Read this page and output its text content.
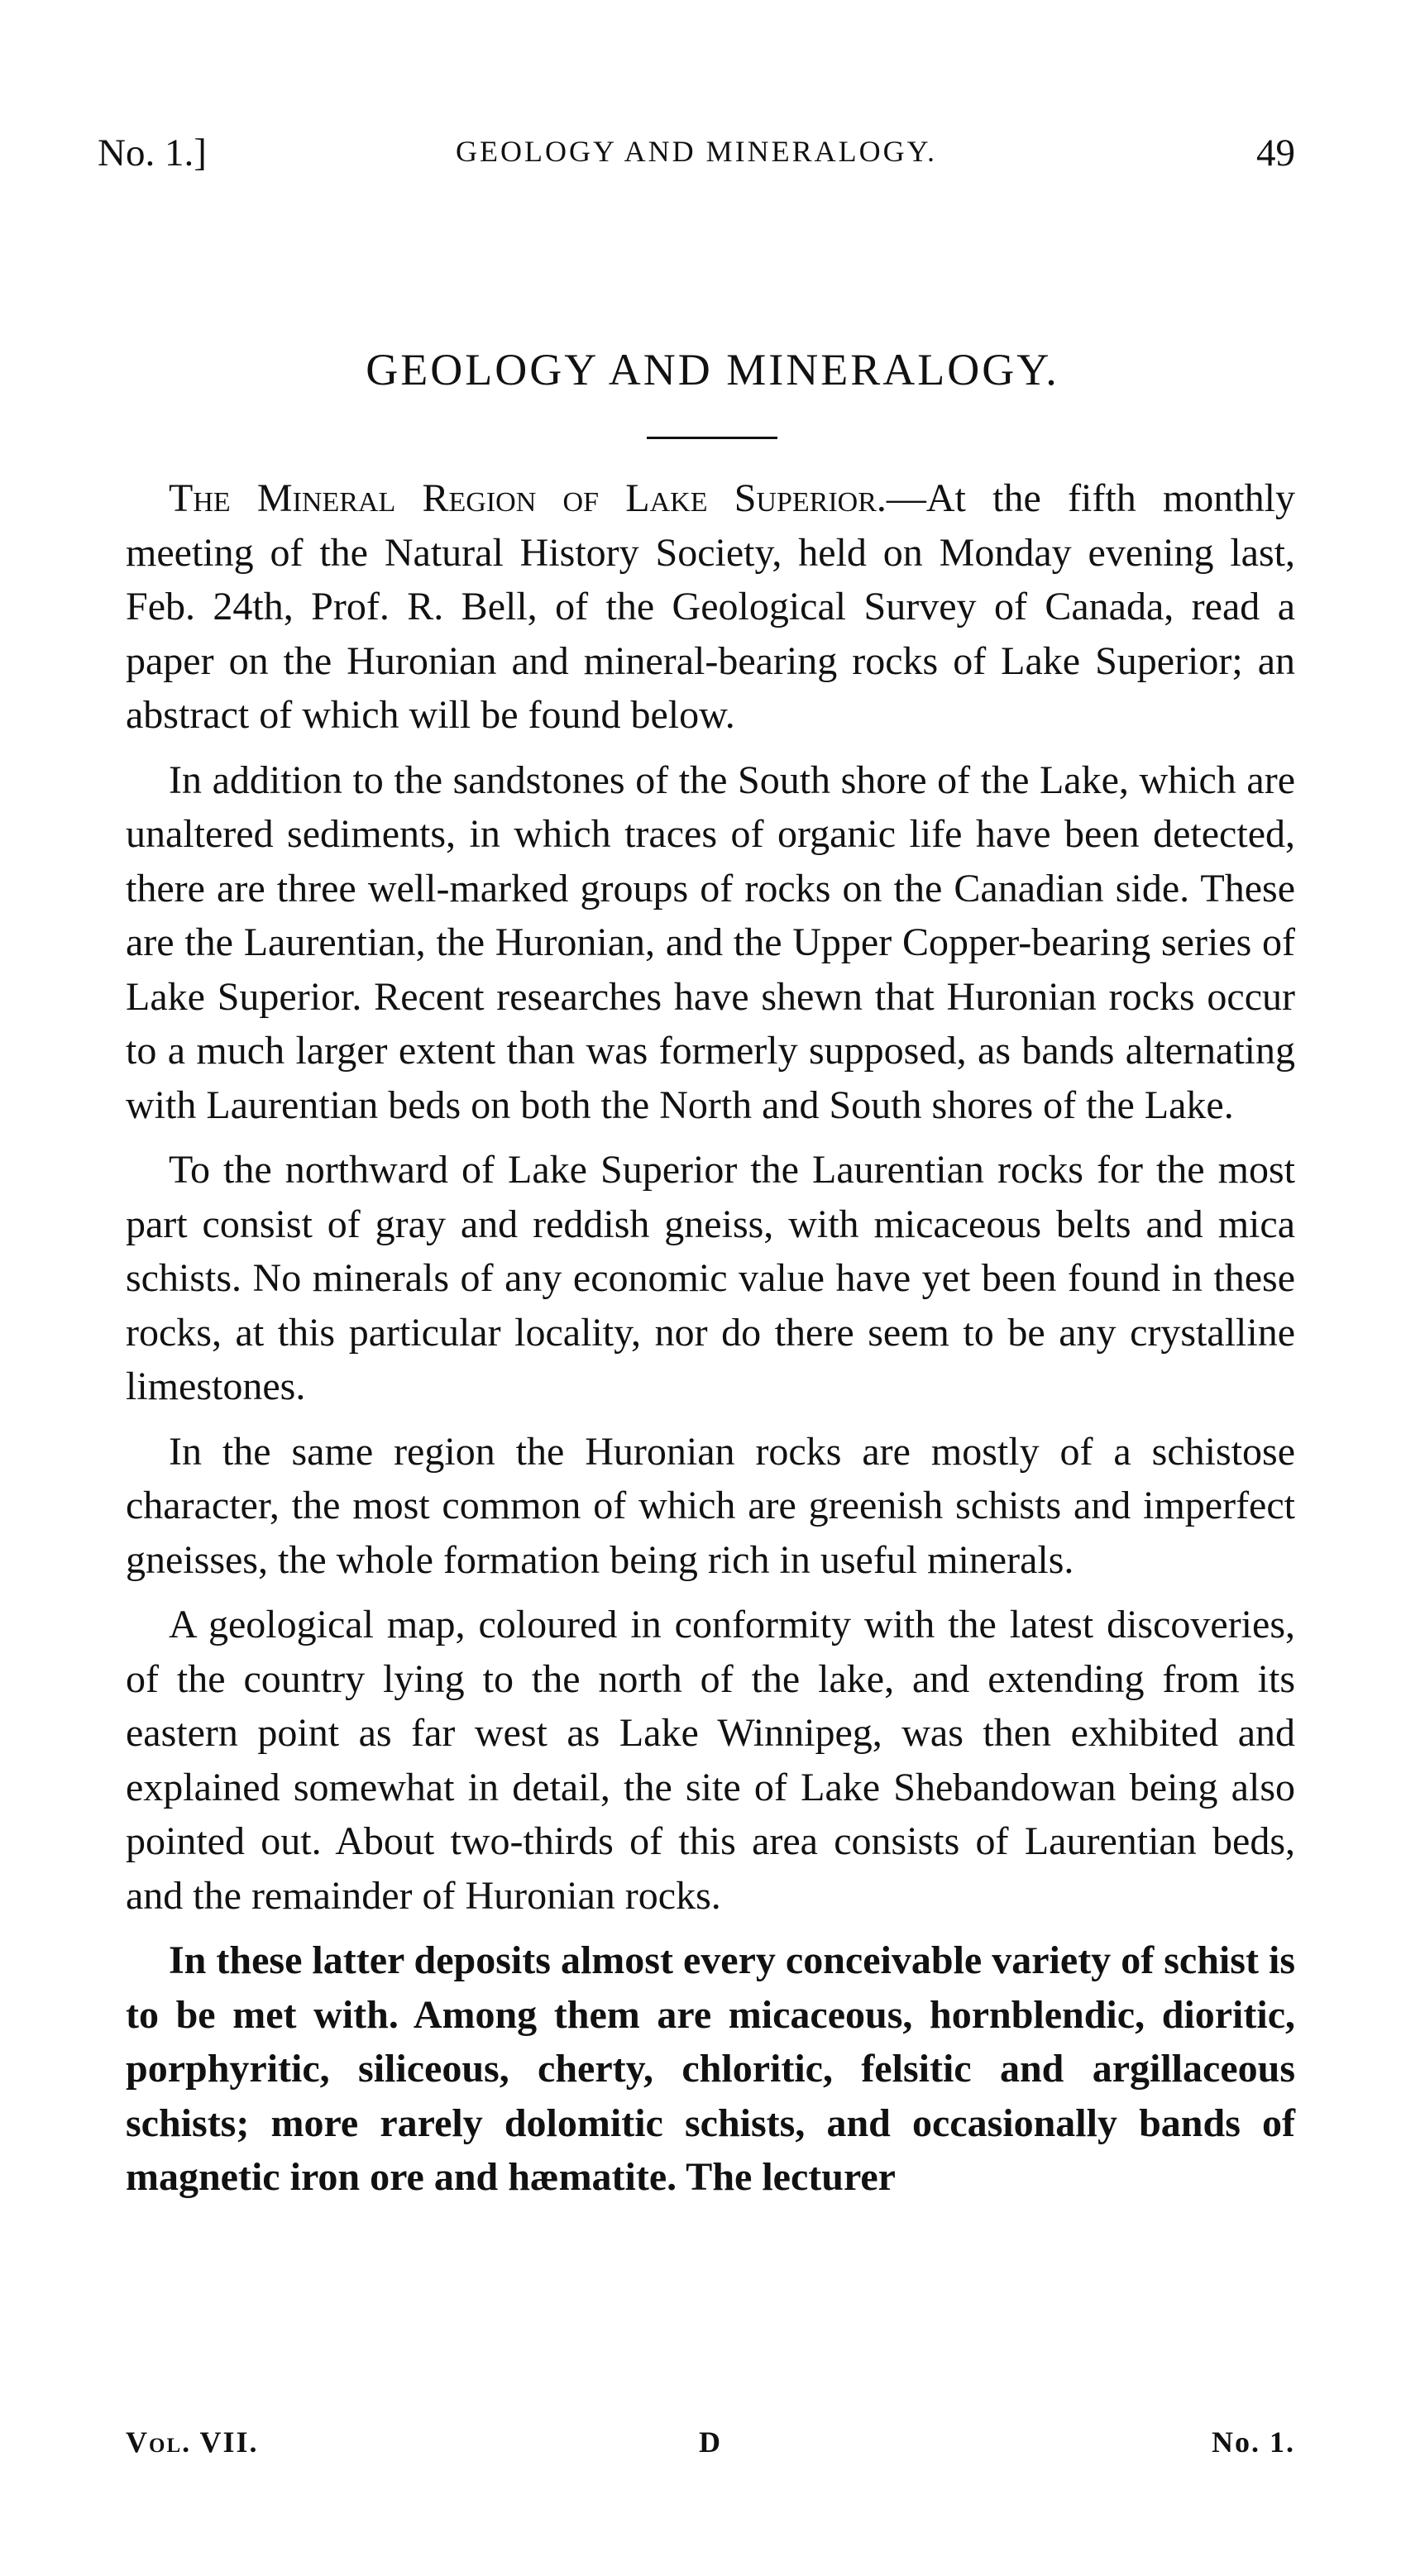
No. 1.]	GEOLOGY AND MINERALOGY.	49
GEOLOGY AND MINERALOGY.

The Mineral Region of Lake Superior.—At the fifth monthly meeting of the Natural History Society, held on Monday evening last, Feb. 24th, Prof. R. Bell, of the Geological Survey of Canada, read a paper on the Huronian and mineral-bearing rocks of Lake Superior; an abstract of which will be found below.

In addition to the sandstones of the South shore of the Lake, which are unaltered sediments, in which traces of organic life have been detected, there are three well-marked groups of rocks on the Canadian side. These are the Laurentian, the Huronian, and the Upper Copper-bearing series of Lake Superior. Recent researches have shewn that Huronian rocks occur to a much larger extent than was formerly supposed, as bands alternating with Laurentian beds on both the North and South shores of the Lake.

To the northward of Lake Superior the Laurentian rocks for the most part consist of gray and reddish gneiss, with micaceous belts and mica schists. No minerals of any economic value have yet been found in these rocks, at this particular locality, nor do there seem to be any crystalline limestones.

In the same region the Huronian rocks are mostly of a schistose character, the most common of which are greenish schists and imperfect gneisses, the whole formation being rich in useful minerals.

A geological map, coloured in conformity with the latest discoveries, of the country lying to the north of the lake, and extending from its eastern point as far west as Lake Winnipeg, was then exhibited and explained somewhat in detail, the site of Lake Shebandowan being also pointed out. About two-thirds of this area consists of Laurentian beds, and the remainder of Huronian rocks.

In these latter deposits almost every conceivable variety of schist is to be met with. Among them are micaceous, hornblendic, dioritic, porphyritic, siliceous, cherty, chloritic, felsitic and argillaceous schists; more rarely dolomitic schists, and occasionally bands of magnetic iron ore and hæmatite. The lecturer

Vol. VII.	D	No. 1.
